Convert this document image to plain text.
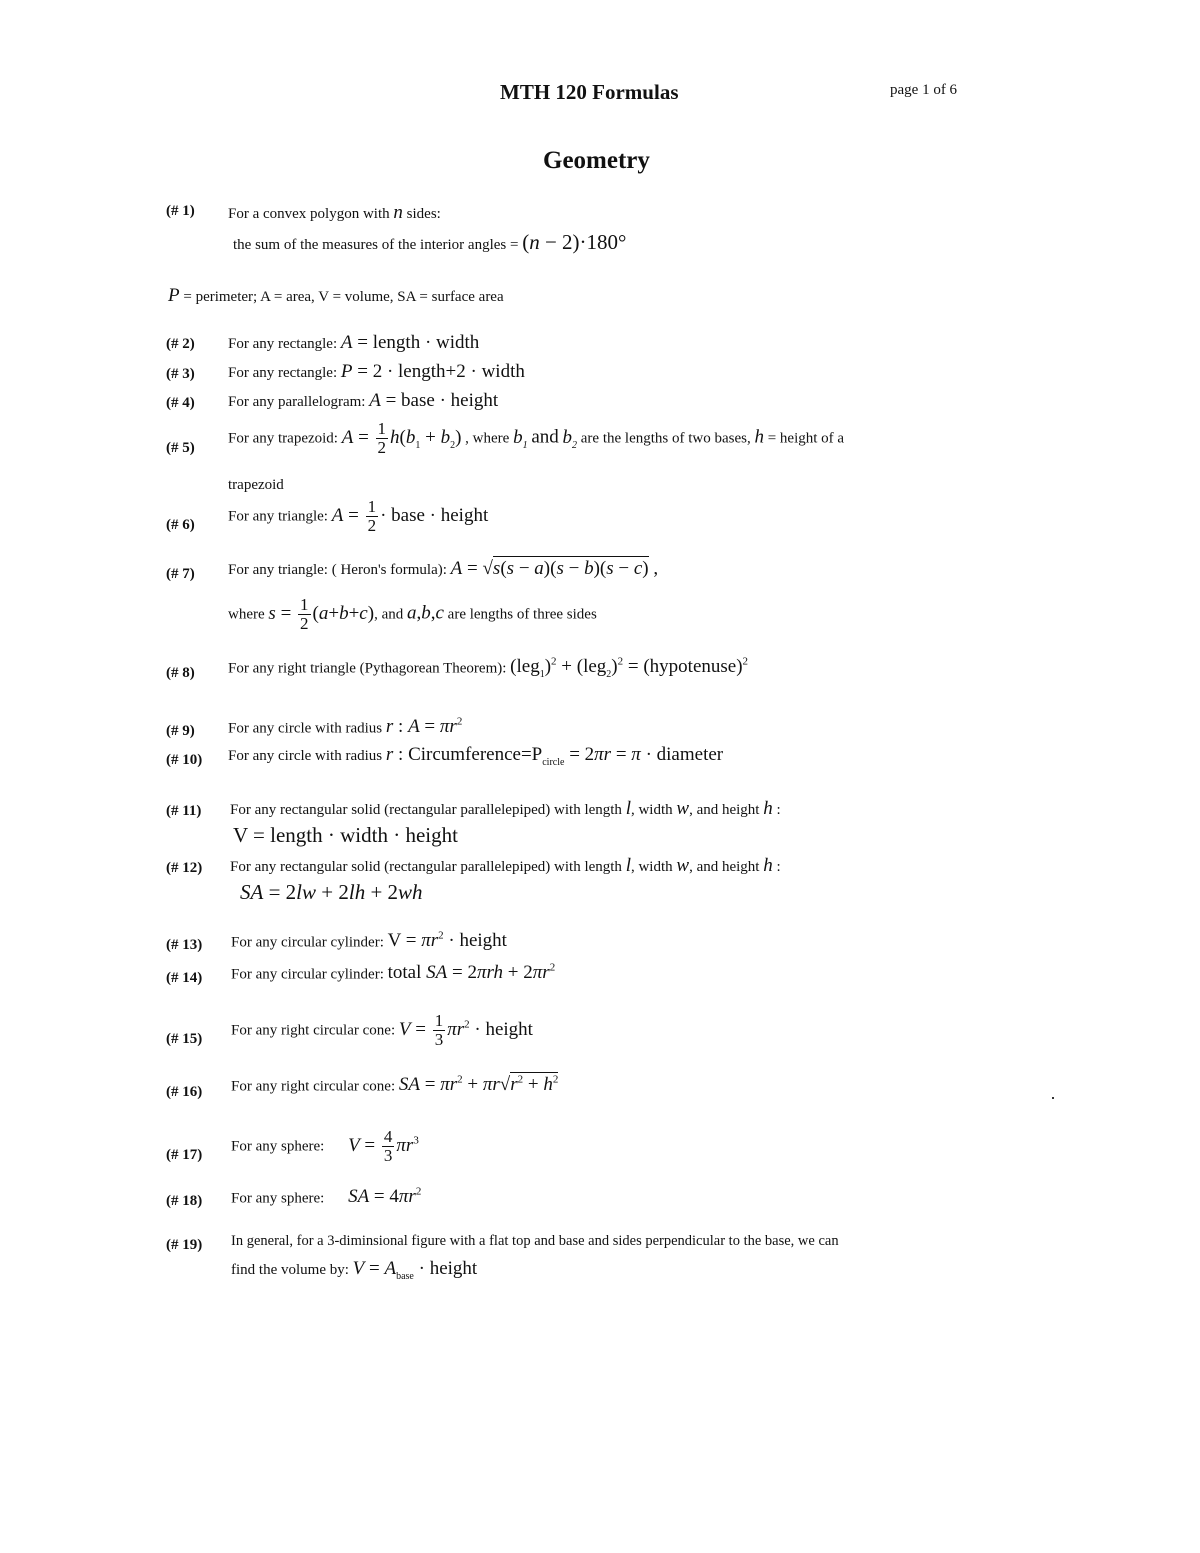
MTH 120 Formulas	page 1 of 6
Geometry
(# 1) For a convex polygon with n sides:
the sum of the measures of the interior angles = (n − 2)·180°
P = perimeter; A = area, V = volume, SA = surface area
(# 2) For any rectangle: A = length · width
(# 3) For any rectangle: P = 2 · length+2 · width
(# 4) For any parallelogram: A = base · height
(# 5)
For any trapezoid: $A = \frac{1}{2} h(b_1 + b_2)$ , where $b_1$ and $b_2$ are the lengths of two bases, h = height of a
trapezoid
(# 6)
For any triangle: $A = \frac{1}{2}$ · base · height
(# 7) For any triangle: ( Heron's formula): A = √s(s − a)(s − b)(s − c) ,
where $s = \frac{1}{2} (a+b+c)$, and a,b,c are lengths of three sides
(# 8) For any right triangle (Pythagorean Theorem): $(leg_1)^2 + (leg_2)^2$ = (hypotenuse)$^2$
(# 9) For any circle with radius r : $A = \pi r^2$
(# 10) For any circle with radius r : $Circumference=P_{circle} = 2\pi r = \pi$ · diameter
(# 11) For any rectangular solid (rectangular parallelepiped) with length l, width w, and height h :
V = length · width · height
(# 12) For any rectangular solid (rectangular parallelepiped) with length l, width w, and height h :
SA = 2lw + 2lh + 2wh
(# 13) For any circular cylinder: $V = \pi r^2$ · height
(# 14) For any circular cylinder: total SA = $2\pi rh + 2\pi r^2$
(# 15)
For any right circular cone: $V = \frac{1}{3} \pi r^2$ · height
(# 16) For any right circular cone: SA = $\pi r^2 + \pi r√r^2 + h^2$
(# 17)
For any sphere: $V = \frac{4}{3} \pi r^3$
(# 18) For any sphere: SA = $4\pi r^2$
(# 19) In general, for a 3-diminsional figure with a flat top and base and sides perpendicular to the base, we can
find the volume by: $V = A_{base}$ · height
